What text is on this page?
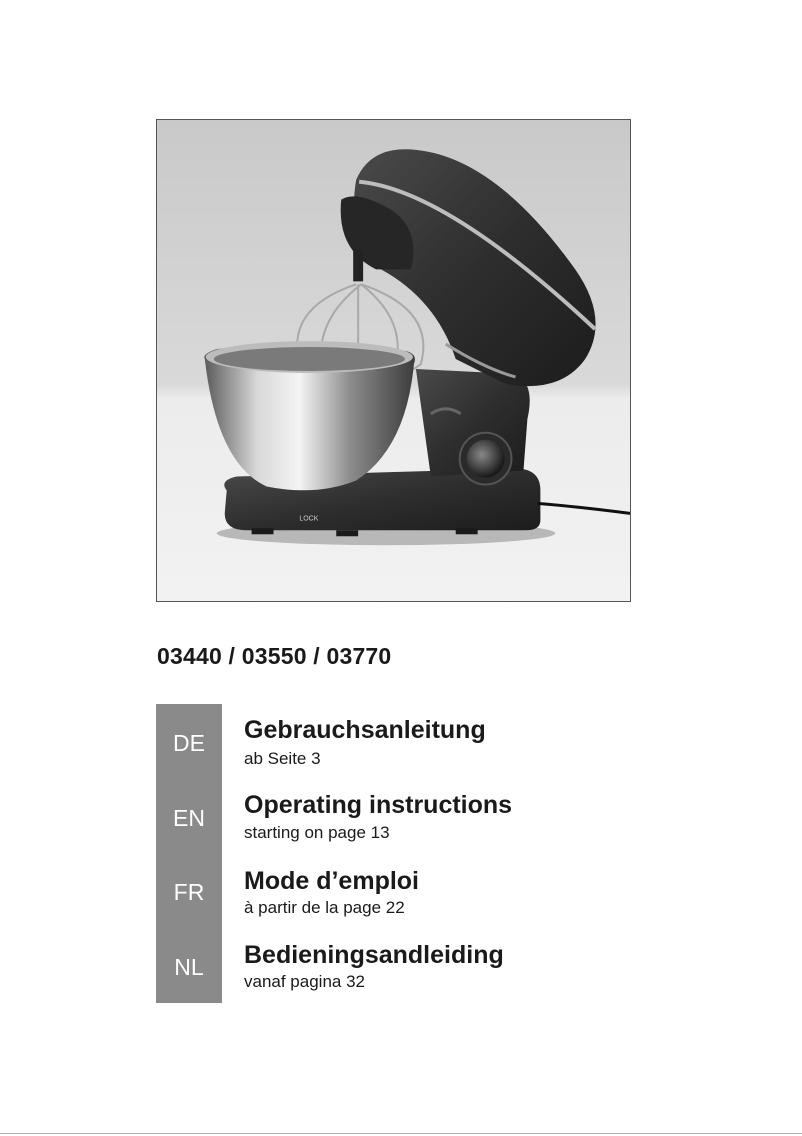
LOCK
03440 / 03550 / 03770
DE	Gebrauchsanleitung
ab Seite 3
EN	Operating instructions
starting on page 13
FR	Mode d’emploi
à partir de la page 22
NL	Bedieningsandleiding
vanaf pagina 32
